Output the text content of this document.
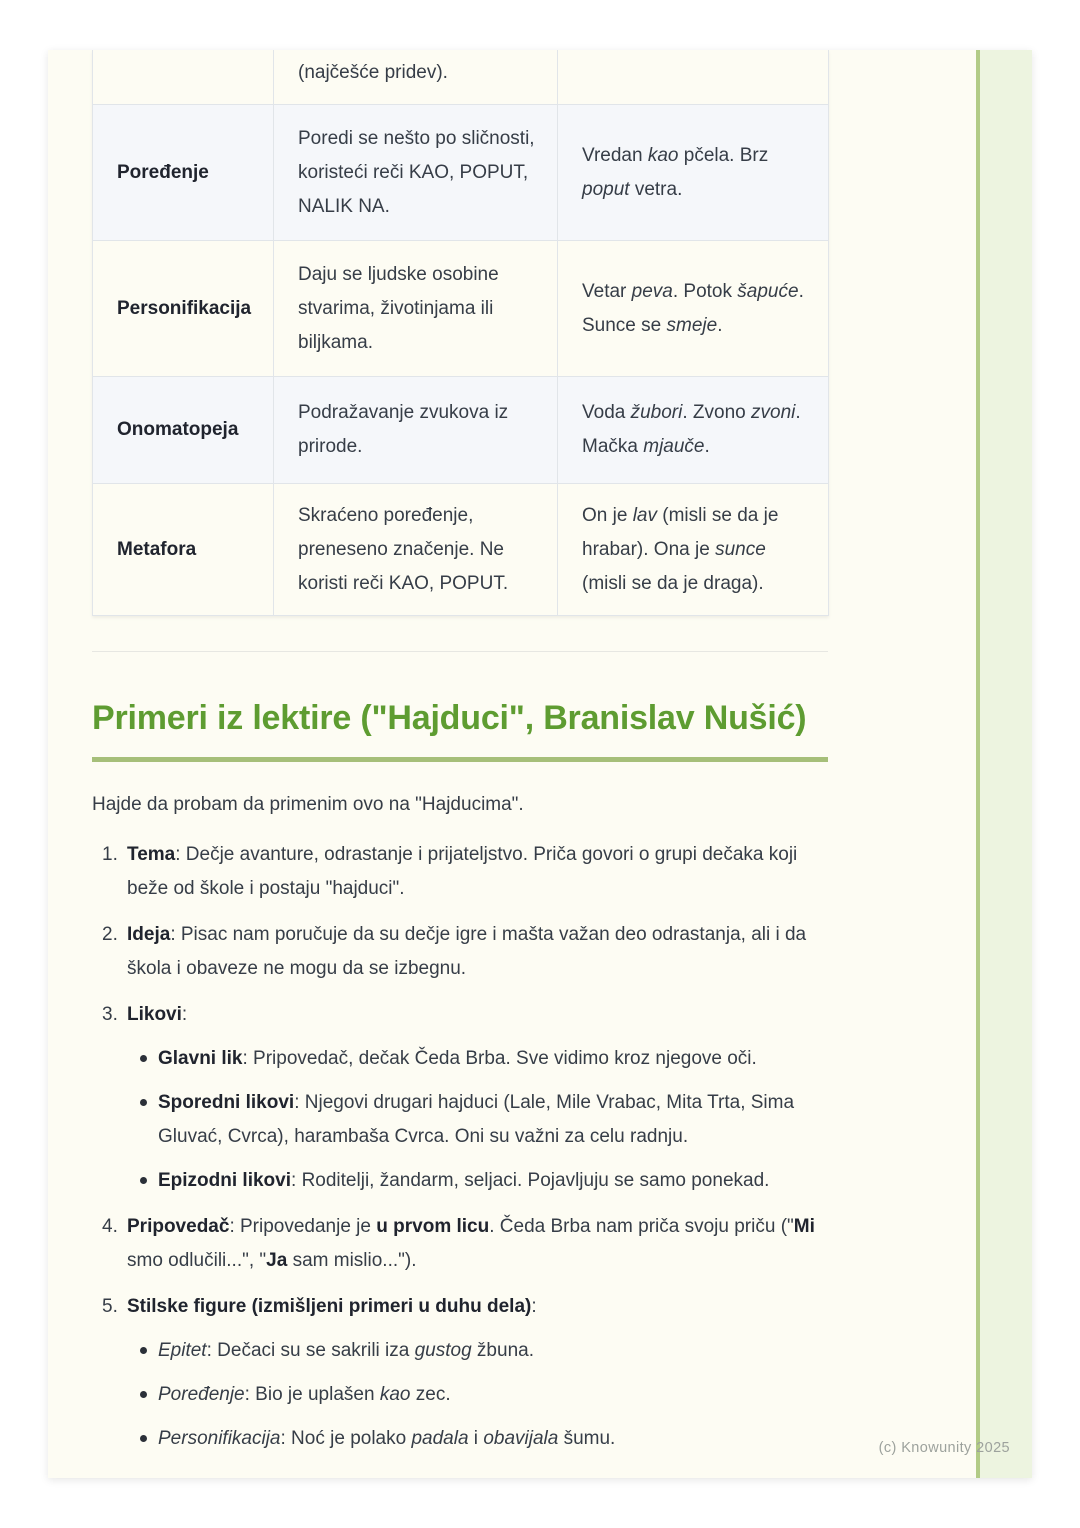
	(najčešće pridev).	
Poređenje	Poredi se nešto po sličnosti, koristeći reči KAO, POPUT, NALIK NA.	Vredan kao pčela. Brz poput vetra.
Personifikacija	Daju se ljudske osobine stvarima, životinjama ili biljkama.	Vetar peva. Potok šapuće. Sunce se smeje.
Onomatopeja	Podražavanje zvukova iz prirode.	Voda žubori. Zvono zvoni. Mačka mjauče.
Metafora	Skraćeno poređenje, preneseno značenje. Ne koristi reči KAO, POPUT.	On je lav (misli se da je hrabar). Ona je sunce (misli se da je draga).
Primeri iz lektire ("Hajduci", Branislav Nušić)

Hajde da probam da primenim ovo na "Hajducima".

1. Tema: Dečje avanture, odrastanje i prijateljstvo. Priča govori o grupi dečaka koji beže od škole i postaju "hajduci".
2. Ideja: Pisac nam poručuje da su dečje igre i mašta važan deo odrastanja, ali i da škola i obaveze ne mogu da se izbegnu.
3. Likovi:
Glavni lik: Pripovedač, dečak Čeda Brba. Sve vidimo kroz njegove oči.
Sporedni likovi: Njegovi drugari hajduci (Lale, Mile Vrabac, Mita Trta, Sima Gluvać, Cvrca), harambaša Cvrca. Oni su važni za celu radnju.
Epizodni likovi: Roditelji, žandarm, seljaci. Pojavljuju se samo ponekad.
4. Pripovedač: Pripovedanje je u prvom licu. Čeda Brba nam priča svoju priču ("Mi smo odlučili...", "Ja sam mislio...").
5. Stilske figure (izmišljeni primeri u duhu dela):
Epitet: Dečaci su se sakrili iza gustog žbuna.
Poređenje: Bio je uplašen kao zec.
Personifikacija: Noć je polako padala i obavijala šumu.	(c) Knowunity 2025
